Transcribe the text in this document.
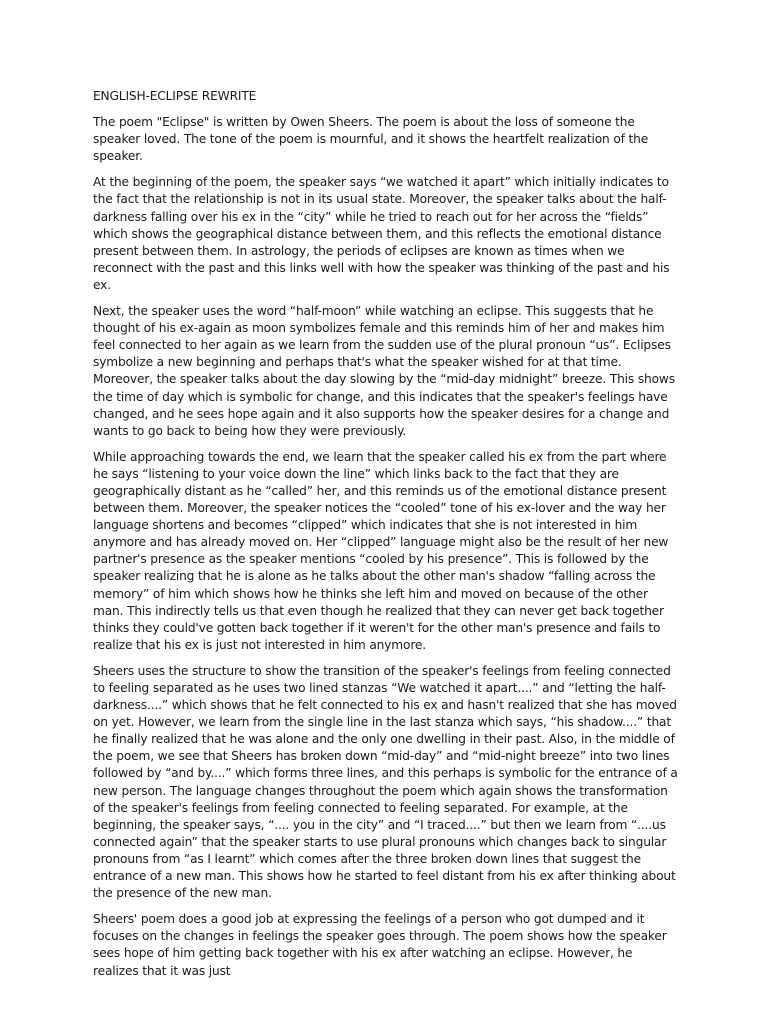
ENGLISH-ECLIPSE REWRITE

The poem "Eclipse" is written by Owen Sheers. The poem is about the loss of someone the speaker loved. The tone of the poem is mournful, and it shows the heartfelt realization of the speaker.

At the beginning of the poem, the speaker says “we watched it apart” which initially indicates to the fact that the relationship is not in its usual state. Moreover, the speaker talks about the half-darkness falling over his ex in the “city” while he tried to reach out for her across the “fields” which shows the geographical distance between them, and this reflects the emotional distance present between them. In astrology, the periods of eclipses are known as times when we reconnect with the past and this links well with how the speaker was thinking of the past and his ex.

Next, the speaker uses the word “half-moon” while watching an eclipse. This suggests that he thought of his ex-again as moon symbolizes female and this reminds him of her and makes him feel connected to her again as we learn from the sudden use of the plural pronoun “us”. Eclipses symbolize a new beginning and perhaps that's what the speaker wished for at that time. Moreover, the speaker talks about the day slowing by the “mid-day midnight” breeze. This shows the time of day which is symbolic for change, and this indicates that the speaker's feelings have changed, and he sees hope again and it also supports how the speaker desires for a change and wants to go back to being how they were previously.

While approaching towards the end, we learn that the speaker called his ex from the part where he says “listening to your voice down the line” which links back to the fact that they are geographically distant as he “called” her, and this reminds us of the emotional distance present between them. Moreover, the speaker notices the “cooled” tone of his ex-lover and the way her language shortens and becomes “clipped” which indicates that she is not interested in him anymore and has already moved on. Her “clipped” language might also be the result of her new partner's presence as the speaker mentions “cooled by his presence”. This is followed by the speaker realizing that he is alone as he talks about the other man's shadow “falling across the memory” of him which shows how he thinks she left him and moved on because of the other man. This indirectly tells us that even though he realized that they can never get back together thinks they could've gotten back together if it weren't for the other man's presence and fails to realize that his ex is just not interested in him anymore.

Sheers uses the structure to show the transition of the speaker's feelings from feeling connected to feeling separated as he uses two lined stanzas “We watched it apart....” and “letting the half-darkness....” which shows that he felt connected to his ex and hasn't realized that she has moved on yet. However, we learn from the single line in the last stanza which says, “his shadow....” that he finally realized that he was alone and the only one dwelling in their past. Also, in the middle of the poem, we see that Sheers has broken down “mid-day” and “mid-night breeze” into two lines followed by “and by....” which forms three lines, and this perhaps is symbolic for the entrance of a new person. The language changes throughout the poem which again shows the transformation of the speaker's feelings from feeling connected to feeling separated. For example, at the beginning, the speaker says, “.... you in the city” and “I traced....” but then we learn from “....us connected again” that the speaker starts to use plural pronouns which changes back to singular pronouns from “as I learnt” which comes after the three broken down lines that suggest the entrance of a new man. This shows how he started to feel distant from his ex after thinking about the presence of the new man.

Sheers' poem does a good job at expressing the feelings of a person who got dumped and it focuses on the changes in feelings the speaker goes through. The poem shows how the speaker sees hope of him getting back together with his ex after watching an eclipse. However, he realizes that it was just
